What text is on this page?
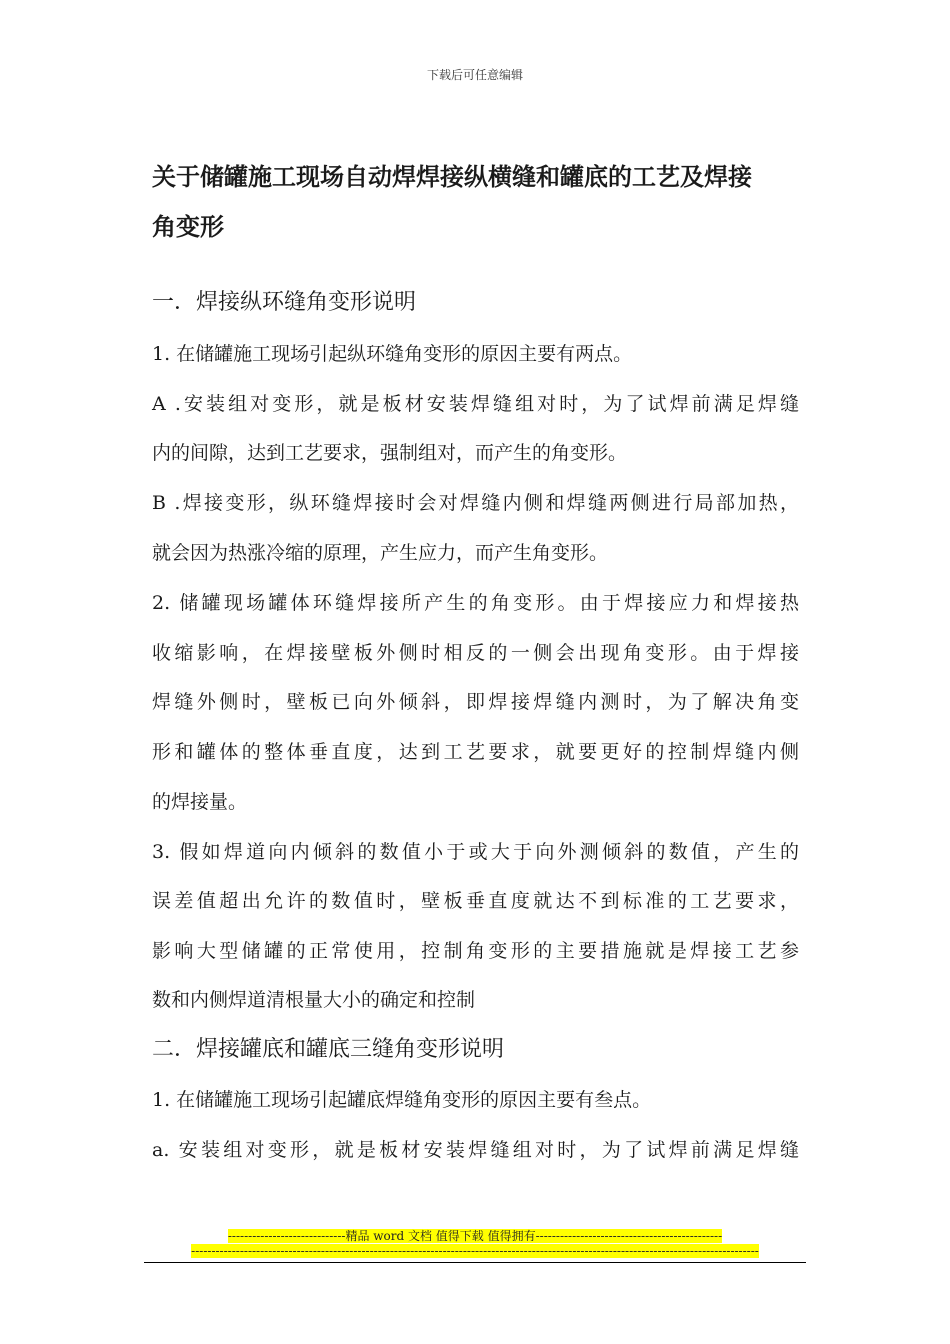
下载后可任意编辑
关于储罐施工现场自动焊焊接纵横缝和罐底的工艺及焊接
角变形
一．焊接纵环缝角变形说明
1. 在储罐施工现场引起纵环缝角变形的原因主要有两点。
A .安装组对变形，就是板材安装焊缝组对时，为了试焊前满足焊缝
内的间隙，达到工艺要求，强制组对，而产生的角变形。
B .焊接变形，纵环缝焊接时会对焊缝内侧和焊缝两侧进行局部加热，
就会因为热涨冷缩的原理，产生应力，而产生角变形。
2. 储罐现场罐体环缝焊接所产生的角变形。由于焊接应力和焊接热
收缩影响，在焊接壁板外侧时相反的一侧会出现角变形。由于焊接
焊缝外侧时，壁板已向外倾斜，即焊接焊缝内测时，为了解决角变
形和罐体的整体垂直度，达到工艺要求，就要更好的控制焊缝内侧
的焊接量。
3. 假如焊道向内倾斜的数值小于或大于向外测倾斜的数值，产生的
误差值超出允许的数值时，壁板垂直度就达不到标准的工艺要求，
影响大型储罐的正常使用，控制角变形的主要措施就是焊接工艺参
数和内侧焊道清根量大小的确定和控制
二．焊接罐底和罐底三缝角变形说明
1. 在储罐施工现场引起罐底焊缝角变形的原因主要有叁点。
a. 安装组对变形，就是板材安装焊缝组对时，为了试焊前满足焊缝
-----------------------------精品 word 文档 值得下载 值得拥有----------------------------------------------
--------------------------------------------------------------------------------------------------------------------------------------------
